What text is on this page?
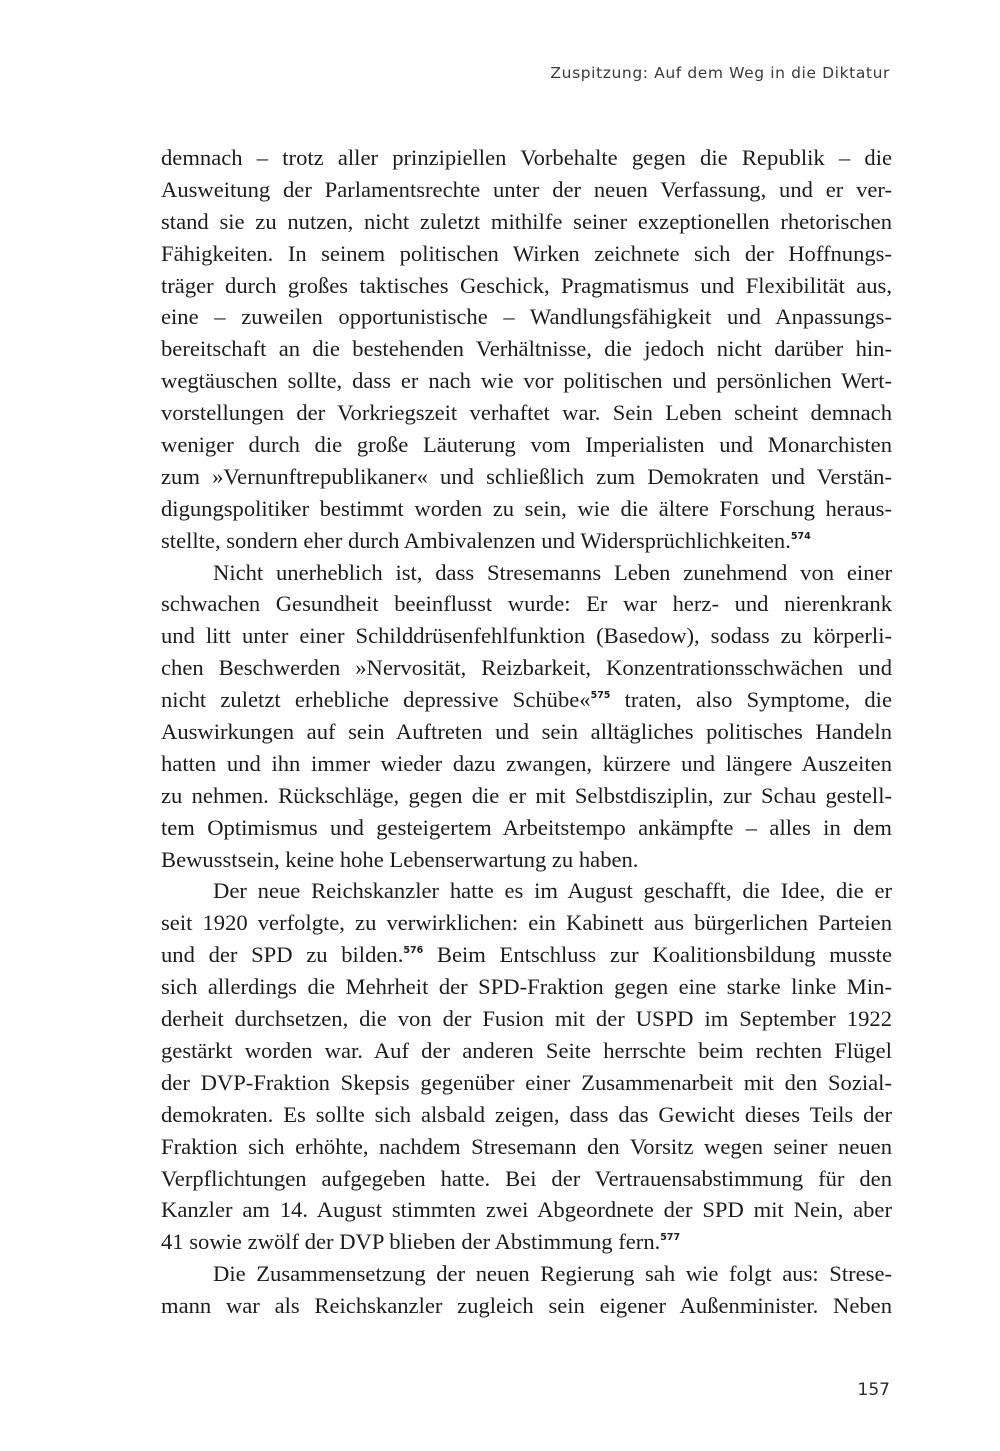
Zuspitzung: Auf dem Weg in die Diktatur
demnach – trotz aller prinzipiellen Vorbehalte gegen die Republik – die
Ausweitung der Parlamentsrechte unter der neuen Verfassung, und er ver-
stand sie zu nutzen, nicht zuletzt mithilfe seiner exzeptionellen rhetorischen
Fähigkeiten. In seinem politischen Wirken zeichnete sich der Hoffnungs-
träger durch großes taktisches Geschick, Pragmatismus und Flexibilität aus,
eine – zuweilen opportunistische – Wandlungsfähigkeit und Anpassungs-
bereitschaft an die bestehenden Verhältnisse, die jedoch nicht darüber hin-
wegtäuschen sollte, dass er nach wie vor politischen und persönlichen Wert-
vorstellungen der Vorkriegszeit verhaftet war. Sein Leben scheint demnach
weniger durch die große Läuterung vom Imperialisten und Monarchisten
zum »Vernunftrepublikaner« und schließlich zum Demokraten und Verstän-
digungspolitiker bestimmt worden zu sein, wie die ältere Forschung heraus-
stellte, sondern eher durch Ambivalenzen und Widersprüchlichkeiten.$^{574}$
Nicht unerheblich ist, dass Stresemanns Leben zunehmend von einer
schwachen Gesundheit beeinflusst wurde: Er war herz- und nierenkrank
und litt unter einer Schilddrüsenfehlfunktion (Basedow), sodass zu körperli-
chen Beschwerden »Nervosität, Reizbarkeit, Konzentrationsschwächen und
nicht zuletzt erhebliche depressive Schübe«$^{575}$ traten, also Symptome, die
Auswirkungen auf sein Auftreten und sein alltägliches politisches Handeln
hatten und ihn immer wieder dazu zwangen, kürzere und längere Auszeiten
zu nehmen. Rückschläge, gegen die er mit Selbstdisziplin, zur Schau gestell-
tem Optimismus und gesteigertem Arbeitstempo ankämpfte – alles in dem
Bewusstsein, keine hohe Lebenserwartung zu haben.
Der neue Reichskanzler hatte es im August geschafft, die Idee, die er
seit 1920 verfolgte, zu verwirklichen: ein Kabinett aus bürgerlichen Parteien
und der SPD zu bilden.$^{576}$ Beim Entschluss zur Koalitionsbildung musste
sich allerdings die Mehrheit der SPD-Fraktion gegen eine starke linke Min-
derheit durchsetzen, die von der Fusion mit der USPD im September 1922
gestärkt worden war. Auf der anderen Seite herrschte beim rechten Flügel
der DVP-Fraktion Skepsis gegenüber einer Zusammenarbeit mit den Sozial-
demokraten. Es sollte sich alsbald zeigen, dass das Gewicht dieses Teils der
Fraktion sich erhöhte, nachdem Stresemann den Vorsitz wegen seiner neuen
Verpflichtungen aufgegeben hatte. Bei der Vertrauensabstimmung für den
Kanzler am 14. August stimmten zwei Abgeordnete der SPD mit Nein, aber
41 sowie zwölf der DVP blieben der Abstimmung fern.$^{577}$
Die Zusammensetzung der neuen Regierung sah wie folgt aus: Strese-
mann war als Reichskanzler zugleich sein eigener Außenminister. Neben
157
